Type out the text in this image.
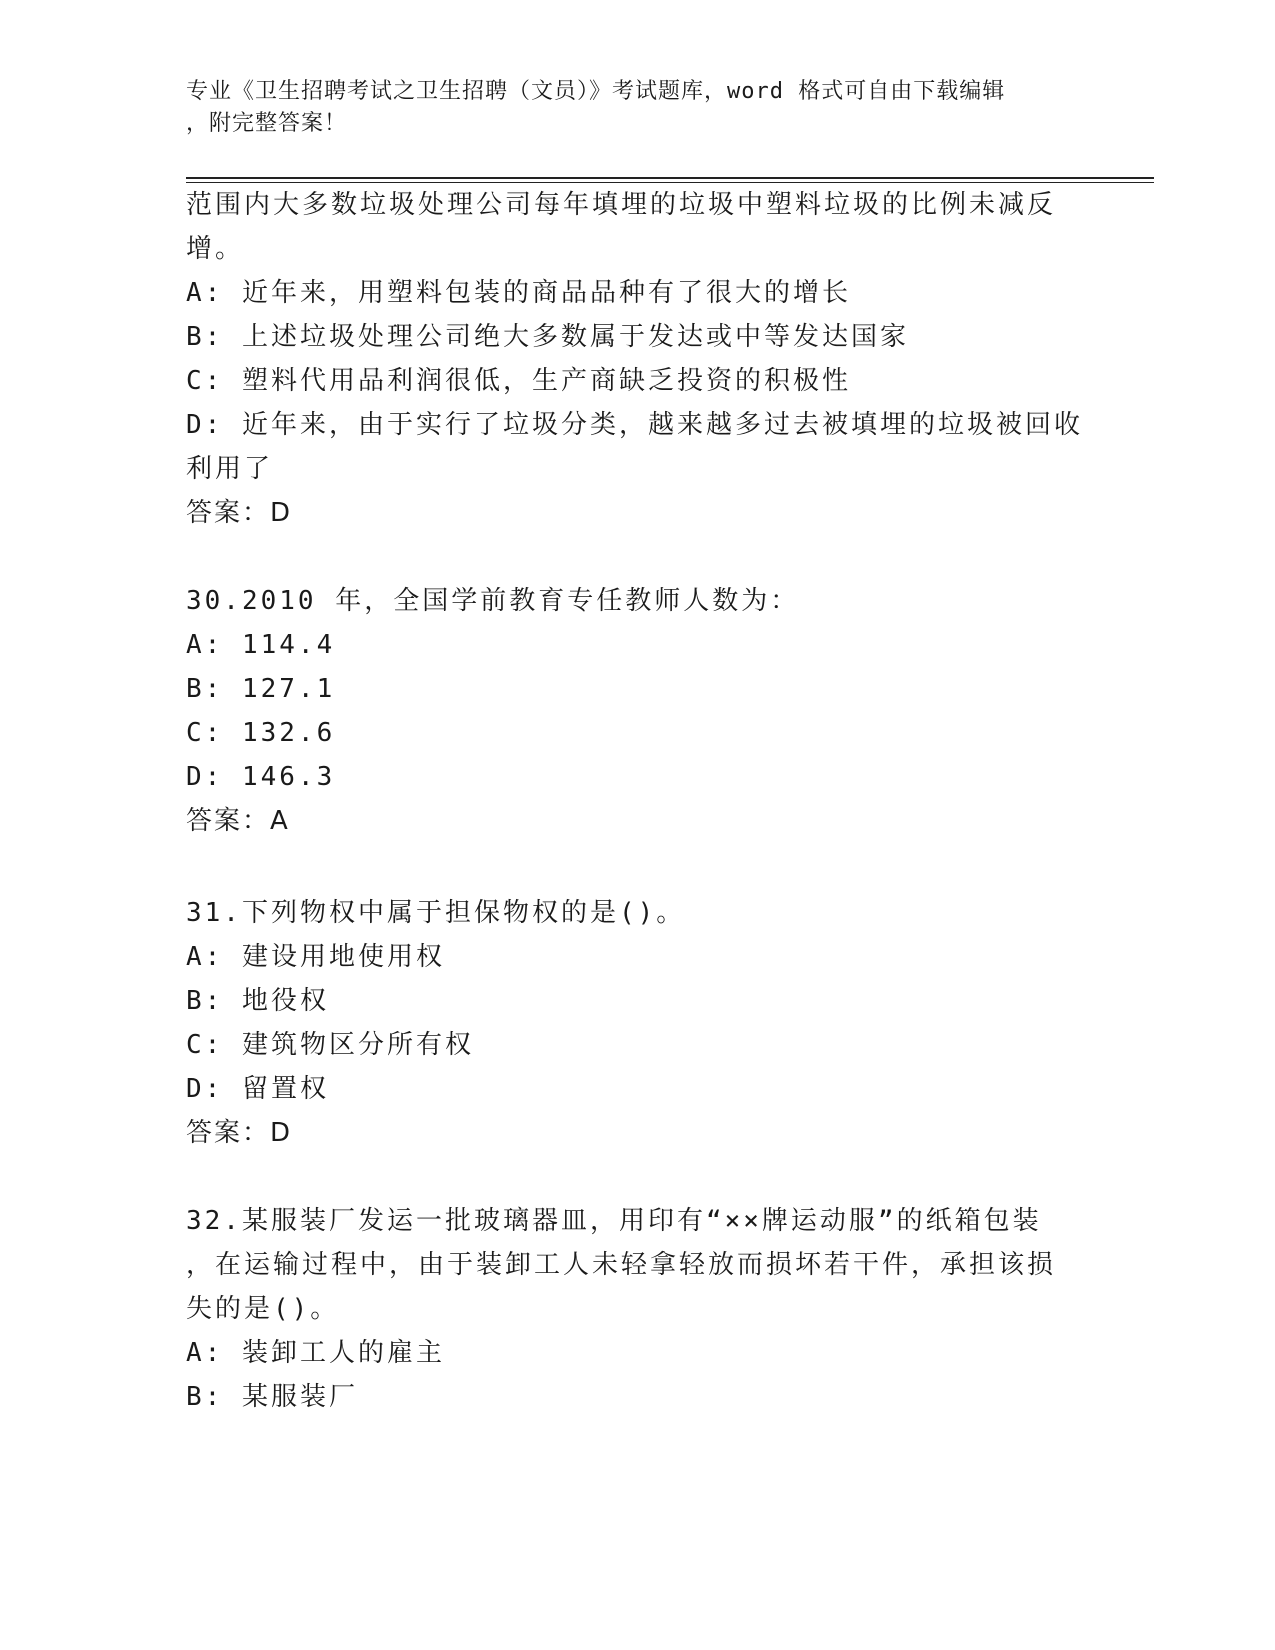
专业《卫生招聘考试之卫生招聘（文员）》考试题库，word 格式可自由下载编辑
，附完整答案！
范围内大多数垃圾处理公司每年填埋的垃圾中塑料垃圾的比例未减反
增。
A: 近年来，用塑料包装的商品品种有了很大的增长
B: 上述垃圾处理公司绝大多数属于发达或中等发达国家
C: 塑料代用品利润很低，生产商缺乏投资的积极性
D: 近年来，由于实行了垃圾分类，越来越多过去被填埋的垃圾被回收
利用了
答案：D
30.2010 年，全国学前教育专任教师人数为：
A: 114.4
B: 127.1
C: 132.6
D: 146.3
答案：A
31.下列物权中属于担保物权的是()。
A: 建设用地使用权
B: 地役权
C: 建筑物区分所有权
D: 留置权
答案：D
32.某服装厂发运一批玻璃器皿，用印有“××牌运动服”的纸箱包装
，在运输过程中，由于装卸工人未轻拿轻放而损坏若干件，承担该损
失的是()。
A: 装卸工人的雇主
B: 某服装厂
